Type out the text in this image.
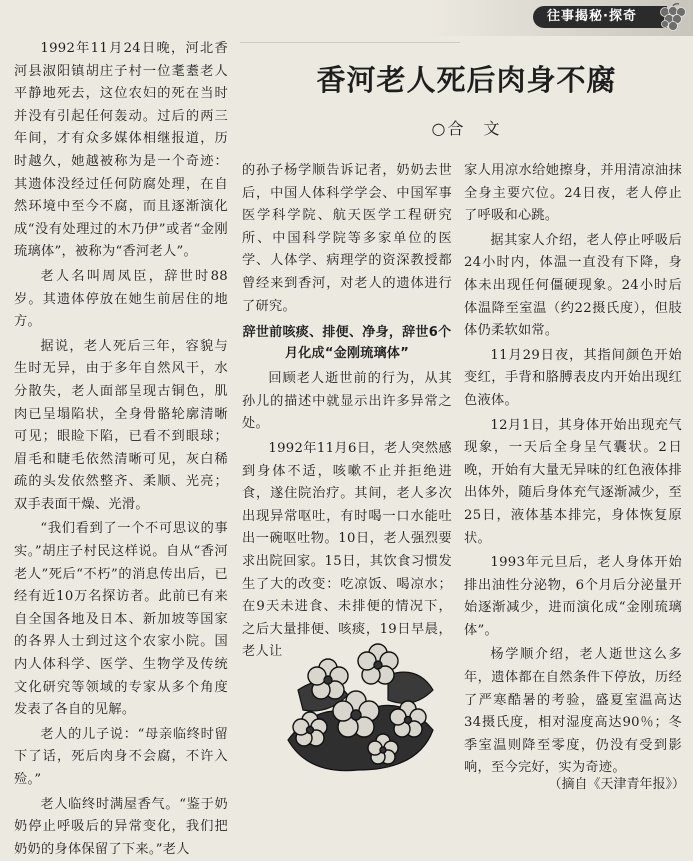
往事揭秘·探奇
香河老人死后肉身不腐
○合　文

1992年11月24日晚，河北香河县淑阳镇胡庄子村一位耄耋老人平静地死去，这位农妇的死在当时并没有引起任何轰动。过后的两三年间，才有众多媒体相继报道，历时越久，她越被称为是一个奇迹：其遗体没经过任何防腐处理，在自然环境中至今不腐，而且逐渐演化成“没有处理过的木乃伊”或者“金刚琉璃体”，被称为“香河老人”。

老人名叫周凤臣，辞世时88岁。其遗体停放在她生前居住的地方。

据说，老人死后三年，容貌与生时无异，由于多年自然风干，水分散失，老人面部呈现古铜色，肌肉已呈塌陷状，全身骨骼轮廓清晰可见；眼睑下陷，已看不到眼球；眉毛和睫毛依然清晰可见，灰白稀疏的头发依然整齐、柔顺、光亮；双手表面干燥、光滑。

“我们看到了一个不可思议的事实。”胡庄子村民这样说。自从“香河老人”死后“不朽”的消息传出后，已经有近10万名探访者。此前已有来自全国各地及日本、新加坡等国家的各界人士到过这个农家小院。国内人体科学、医学、生物学及传统文化研究等领域的专家从多个角度发表了各自的见解。

老人的儿子说：“母亲临终时留下了话，死后肉身不会腐，不许入殓。”

老人临终时满屋香气。“鉴于奶奶停止呼吸后的异常变化，我们把奶奶的身体保留了下来。”老人

的孙子杨学顺告诉记者，奶奶去世后，中国人体科学学会、中国军事医学科学院、航天医学工程研究所、中国科学院等多家单位的医学、人体学、病理学的资深教授都曾经来到香河，对老人的遗体进行了研究。

辞世前咳痰、排便、净身，辞世6个月化成“金刚琉璃体”

回顾老人逝世前的行为，从其孙儿的描述中就显示出许多异常之处。

1992年11月6日，老人突然感到身体不适，咳嗽不止并拒绝进食，遂住院治疗。其间，老人多次出现异常呕吐，有时喝一口水能吐出一碗呕吐物。10日，老人强烈要求出院回家。15日，其饮食习惯发生了大的改变：吃凉饭、喝凉水；在9天未进食、未排便的情况下，之后大量排便、咳痰，19日早晨，老人让

家人用凉水给她擦身，并用清凉油抹全身主要穴位。24日夜，老人停止了呼吸和心跳。

据其家人介绍，老人停止呼吸后24小时内，体温一直没有下降，身体未出现任何僵硬现象。24小时后体温降至室温（约22摄氏度），但肢体仍柔软如常。

11月29日夜，其指间颜色开始变红，手背和胳膊表皮内开始出现红色液体。

12月1日，其身体开始出现充气现象，一天后全身呈气囊状。2日晚，开始有大量无异味的红色液体排出体外，随后身体充气逐渐减少，至25日，液体基本排完，身体恢复原状。

1993年元旦后，老人身体开始排出油性分泌物，6个月后分泌量开始逐渐减少，进而演化成“金刚琉璃体”。

杨学顺介绍，老人逝世这么多年，遗体都在自然条件下停放，历经了严寒酷暑的考验，盛夏室温高达34摄氏度，相对湿度高达90％；冬季室温则降至零度，仍没有受到影响，至今完好，实为奇迹。

（摘自《天津青年报》）
